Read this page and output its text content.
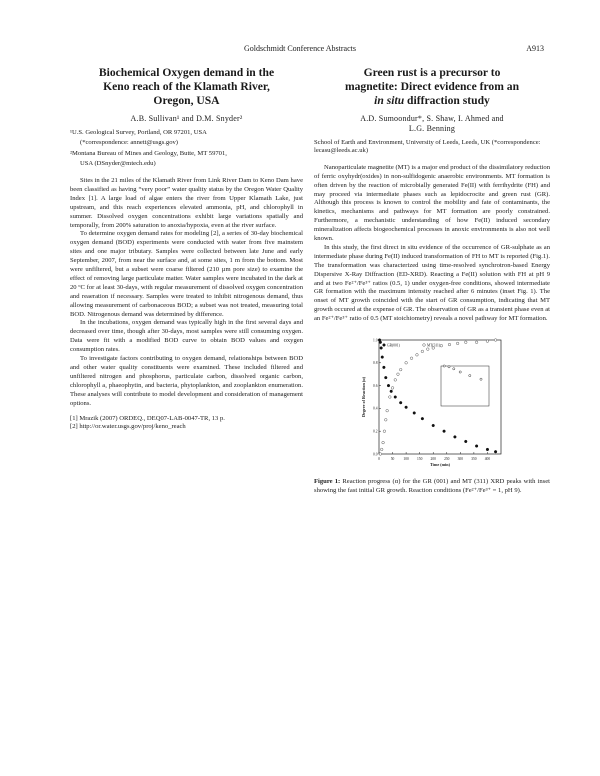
Goldschmidt Conference Abstracts	A913
Biochemical Oxygen demand in the
Keno reach of the Klamath River,
Oregon, USA
A.B. Sullivan¹ and D.M. Snyder²
¹U.S. Geological Survey, Portland, OR 97201, USA
(*correspondence: annett@usgs.gov)
²Montana Bureau of Mines and Geology, Butte, MT 59701,
USA (DSnyder@mtech.edu)

Sites in the 21 miles of the Klamath River from Link River Dam to Keno Dam have been classified as having “very poor” water quality status by the Oregon Water Quality Index [1]. A large load of algae enters the river from Upper Klamath Lake, just upstream, and this reach experiences elevated ammonia, pH, and chlorophyll in summer. Dissolved oxygen concentrations exhibit large variations spatially and temporally, from 200% saturation to anoxia/hypoxia, even at the river surface.

To determine oxygen demand rates for modeling [2], a series of 30-day biochemical oxygen demand (BOD) experiments were conducted with water from five mainstem sites and one major tributary. Samples were collected between late June and early September, 2007, from near the surface and, at some sites, 1 m from the bottom. Most were unfiltered, but a subset were coarse filtered (210 µm pore size) to examine the effect of removing large particulate matter. Water samples were incubated in the dark at 20 ºC for at least 30-days, with regular measurement of dissolved oxygen concentration and reaeration if necessary. Samples were treated to inhibit nitrogenous demand, thus allowing measurement of carbonaceous BOD; a subset was not treated, measuring total BOD. Nitrogenous demand was determined by difference.

In the incubations, oxygen demand was typically high in the first several days and decreased over time, though after 30-days, most samples were still consuming oxygen. Data were fit with a modified BOD curve to obtain BOD values and oxygen consumption rates.

To investigate factors contributing to oxygen demand, relationships between BOD and other water quality constituents were examined. These included filtered and unfiltered nitrogen and phosphorus, particulate carbon, dissolved organic carbon, chlorophyll a, phaeophytin, and bacteria, phytoplankton, and zooplankton enumeration. These analyses will contribute to model development and consideration of management options.

[1] Mrazik (2007) ORDEQ., DEQ07-LAB-0047-TR, 13 p.

[2] http://or.water.usgs.gov/proj/keno_reach

Green rust is a precursor to
magnetite: Direct evidence from an
in situ diffraction study
A.D. Sumoondur*, S. Shaw, I. Ahmed and
L.G. Benning
School of Earth and Environment, University of Leeds, Leeds, UK (*correspondence: lecasu@leeds.ac.uk)

Nanoparticulate magnetite (MT) is a major end product of the dissimilatory reduction of ferric oxyhydr(oxides) in non-sulfidogenic anaerobic environments. MT formation is often driven by the reaction of microbially generated Fe(II) with ferrihydrite (FH) and may proceed via intermediate phases such as lepidocrocite and green rust (GR). Although this process is known to control the mobility and fate of contaminants, the kinetics, mechanisms and pathways for MT formation are poorly constrained. Furthermore, a mechanistic understanding of how Fe(II) induced secondary mineralization affects biogeochemical processes in anoxic environments is also not well known.

In this study, the first direct in situ evidence of the occurrence of GR-sulphate as an intermediate phase during Fe(II) induced transformation of FH to MT is reported (Fig.1). The transformation was characterized using time-resolved synchrotron-based Energy Dispersive X-Ray Diffraction (ED-XRD). Reacting a Fe(II) solution with FH at pH 9 and at two Fe²⁺/Fe³⁺ ratios (0.5, 1) under oxygen-free conditions, showed intermediate GR formation with the maximum intensity reached after 6 minutes (inset Fig. 1). The onset of MT growth coincided with the start of GR consumption, indicating that MT growth occured at the expense of GR. The observation of GR as a transient phase even at an Fe²⁺/Fe³⁺ ratio of 0.5 (MT stoichiometry) reveals a novel pathway for MT formation.

0	50	100 150 200 250 300 350 400
0.0
0.2
0.4
0.6
0.8
1.0
Time (min)
Degree of Reaction (α)
GR(001)	MT(311)
Figure 1: Reaction progress (α) for the GR (001) and MT (311) XRD peaks with inset showing the fast initial GR growth. Reaction conditions (Fe²⁺/Fe³⁺ = 1, pH 9).
